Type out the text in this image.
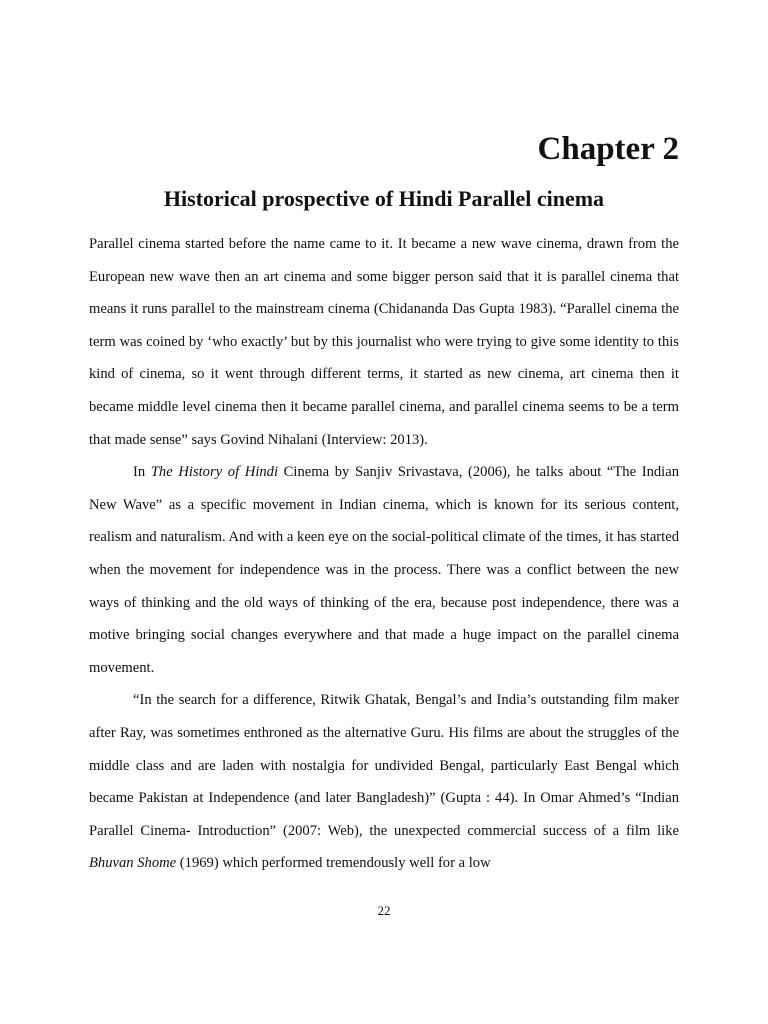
Chapter 2
Historical prospective of Hindi Parallel cinema

Parallel cinema started before the name came to it. It became a new wave cinema, drawn from the European new wave then an art cinema and some bigger person said that it is parallel cinema that means it runs parallel to the mainstream cinema (Chidananda Das Gupta 1983). “Parallel cinema the term was coined by ‘who exactly’ but by this journalist who were trying to give some identity to this kind of cinema, so it went through different terms, it started as new cinema, art cinema then it became middle level cinema then it became parallel cinema, and parallel cinema seems to be a term that made sense” says Govind Nihalani (Interview: 2013).

In The History of Hindi Cinema by Sanjiv Srivastava, (2006), he talks about “The Indian New Wave” as a specific movement in Indian cinema, which is known for its serious content, realism and naturalism. And with a keen eye on the social-political climate of the times, it has started when the movement for independence was in the process. There was a conflict between the new ways of thinking and the old ways of thinking of the era, because post independence, there was a motive bringing social changes everywhere and that made a huge impact on the parallel cinema movement.

“In the search for a difference, Ritwik Ghatak, Bengal’s and India’s outstanding film maker after Ray, was sometimes enthroned as the alternative Guru. His films are about the struggles of the middle class and are laden with nostalgia for undivided Bengal, particularly East Bengal which became Pakistan at Independence (and later Bangladesh)” (Gupta : 44). In Omar Ahmed’s “Indian Parallel Cinema- Introduction” (2007: Web), the unexpected commercial success of a film like Bhuvan Shome (1969) which performed tremendously well for a low

22
